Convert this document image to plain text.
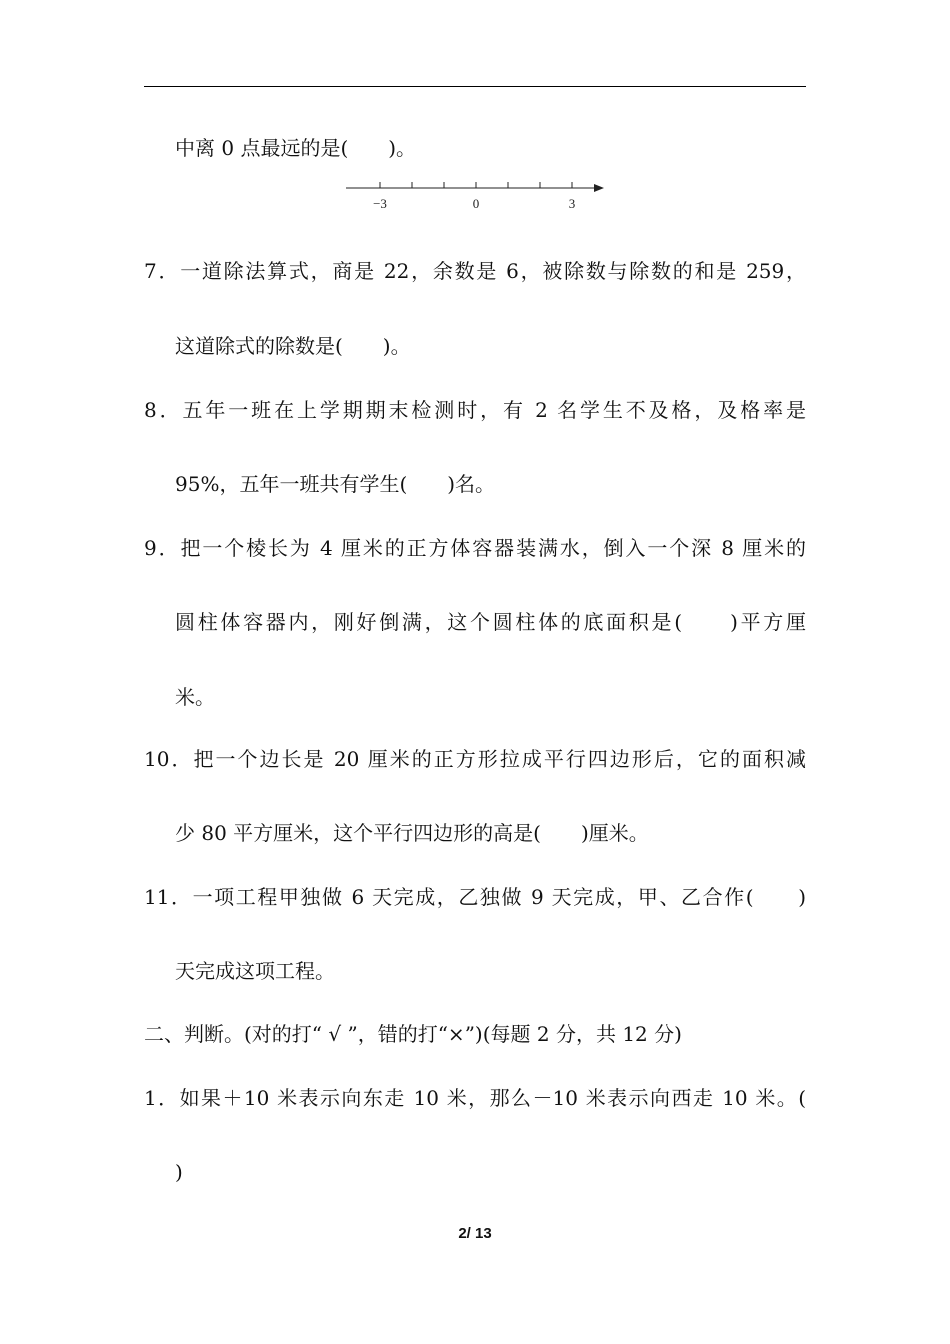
中离 0 点最远的是(　　)。
−3	0	3
7．一道除法算式，商是 22，余数是 6，被除数与除数的和是 259，
这道除式的除数是(　　)。
8．五年一班在上学期期末检测时，有 2 名学生不及格，及格率是
95%，五年一班共有学生(　　)名。
9．把一个棱长为 4 厘米的正方体容器装满水，倒入一个深 8 厘米的
圆柱体容器内，刚好倒满，这个圆柱体的底面积是(　　)平方厘
米。
10．把一个边长是 20 厘米的正方形拉成平行四边形后，它的面积减
少 80 平方厘米，这个平行四边形的高是(　　)厘米。
11．一项工程甲独做 6 天完成，乙独做 9 天完成，甲、乙合作(　　)
天完成这项工程。
二、判断。(对的打“ √ ”，错的打“×”)(每题 2 分，共 12 分)
1．如果＋10 米表示向东走 10 米，那么－10 米表示向西走 10 米。(
)
2/ 13
